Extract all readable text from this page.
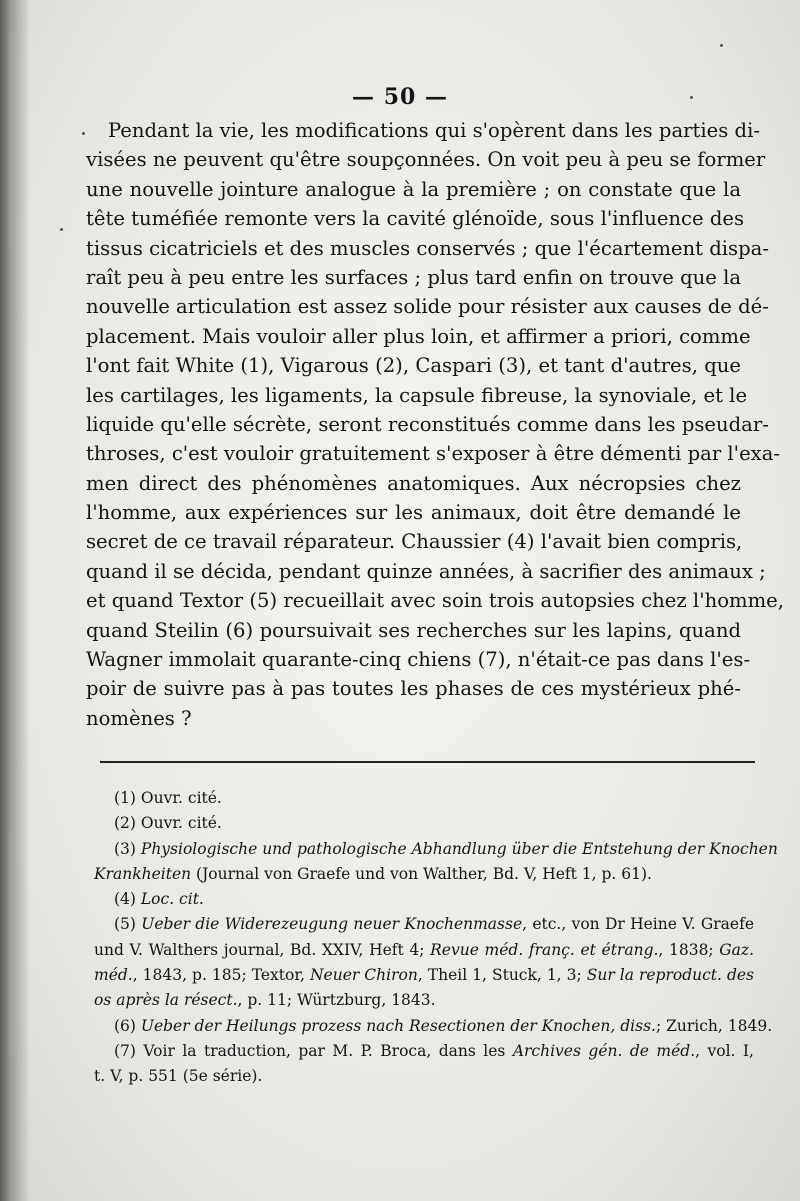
— 50 —
Pendant la vie, les modifications qui s'opèrent dans les parties di-
visées ne peuvent qu'être soupçonnées. On voit peu à peu se former
une nouvelle jointure analogue à la première ; on constate que la
tête tuméfiée remonte vers la cavité glénoïde, sous l'influence des
tissus cicatriciels et des muscles conservés ; que l'écartement dispa-
raît peu à peu entre les surfaces ; plus tard enfin on trouve que la
nouvelle articulation est assez solide pour résister aux causes de dé-
placement. Mais vouloir aller plus loin, et affirmer a priori, comme
l'ont fait White (1), Vigarous (2), Caspari (3), et tant d'autres, que
les cartilages, les ligaments, la capsule fibreuse, la synoviale, et le
liquide qu'elle sécrète, seront reconstitués comme dans les pseudar-
throses, c'est vouloir gratuitement s'exposer à être démenti par l'exa-
men direct des phénomènes anatomiques. Aux nécropsies chez
l'homme, aux expériences sur les animaux, doit être demandé le
secret de ce travail réparateur. Chaussier (4) l'avait bien compris,
quand il se décida, pendant quinze années, à sacrifier des animaux ;
et quand Textor (5) recueillait avec soin trois autopsies chez l'homme,
quand Steilin (6) poursuivait ses recherches sur les lapins, quand
Wagner immolait quarante-cinq chiens (7), n'était-ce pas dans l'es-
poir de suivre pas à pas toutes les phases de ces mystérieux phé-
nomènes ?
(1) Ouvr. cité.
(2) Ouvr. cité.
(3) Physiologische und pathologische Abhandlung über die Entstehung der Knochen
Krankheiten (Journal von Graefe und von Walther, Bd. V, Heft 1, p. 61).
(4) Loc. cit.
(5) Ueber die Widerezeugung neuer Knochenmasse, etc., von Dr Heine V. Graefe
und V. Walthers journal, Bd. XXIV, Heft 4; Revue méd. franç. et étrang., 1838; Gaz.
méd., 1843, p. 185; Textor, Neuer Chiron, Theil 1, Stuck, 1, 3; Sur la reproduct. des
os après la résect., p. 11; Würtzburg, 1843.
(6) Ueber der Heilungs prozess nach Resectionen der Knochen, diss.; Zurich, 1849.
(7) Voir la traduction, par M. P. Broca, dans les Archives gén. de méd., vol. I,
t. V, p. 551 (5e série).
